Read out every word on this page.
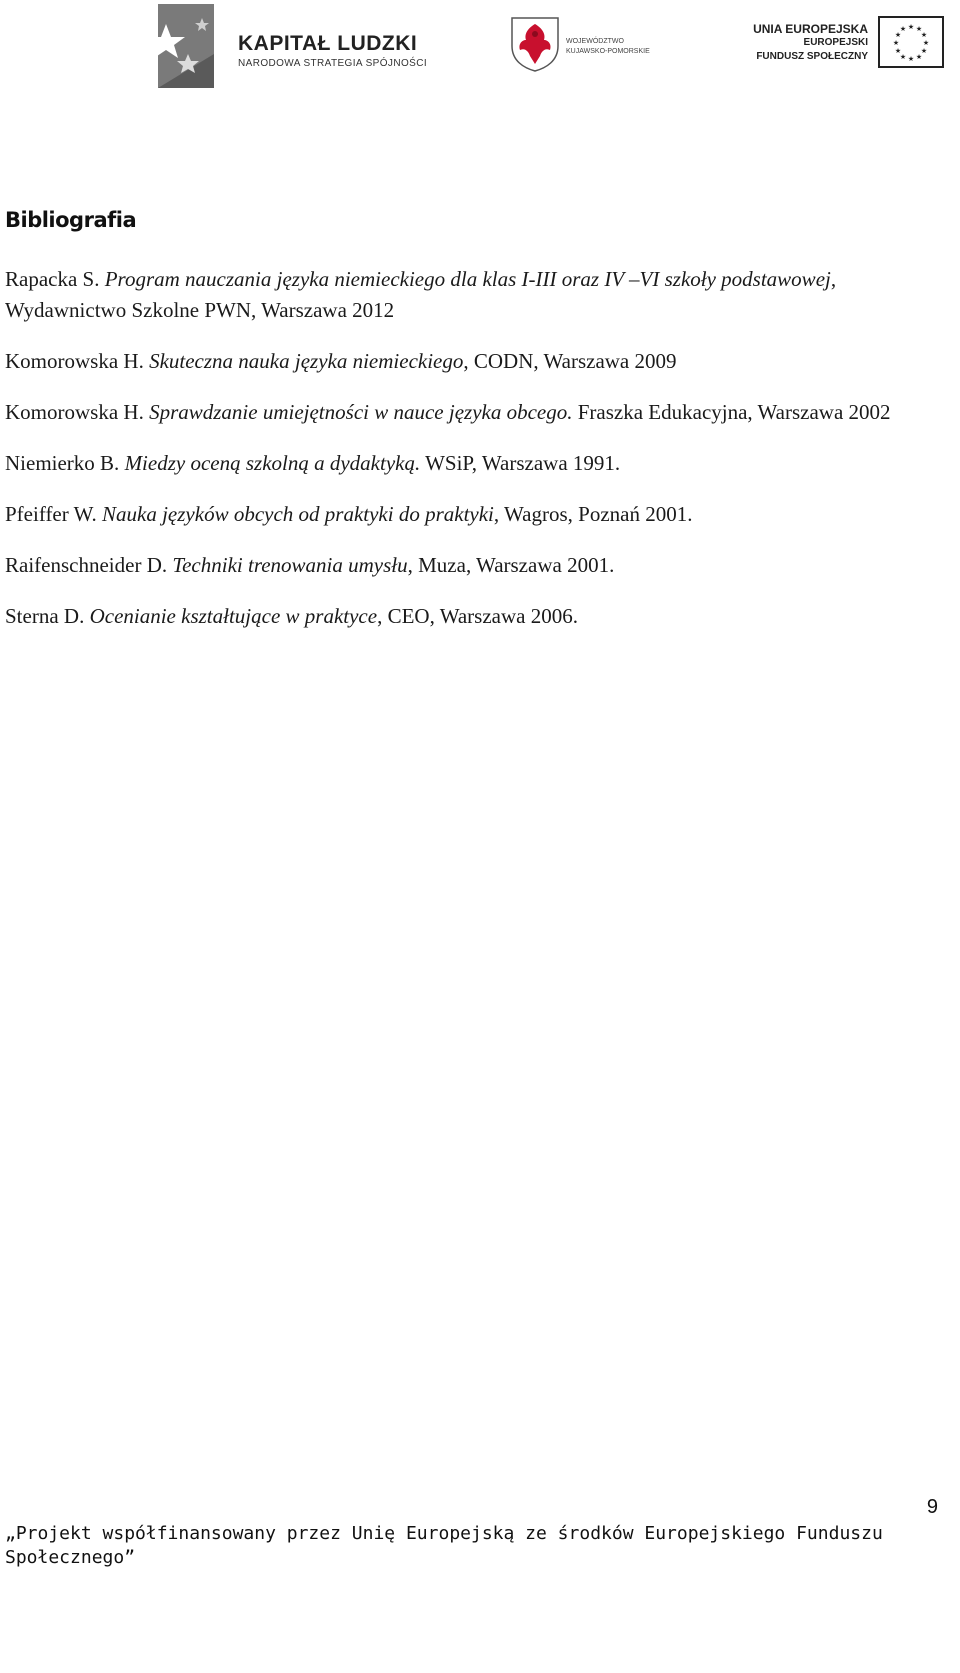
KAPITAŁ LUDZKI
NARODOWA STRATEGIA SPÓJNOŚCI
WOJEWÓDZTWO
KUJAWSKO-POMORSKIE
UNIA EUROPEJSKA
EUROPEJSKI
FUNDUSZ SPOŁECZNY
★ ★
★
★
★
★
★
★
★
★
★
★
Bibliografia
Rapacka S. Program nauczania języka niemieckiego dla klas I-III oraz IV –VI szkoły podstawowej, Wydawnictwo Szkolne PWN, Warszawa 2012
Komorowska H. Skuteczna nauka języka niemieckiego, CODN, Warszawa 2009
Komorowska H. Sprawdzanie umiejętności w nauce języka obcego. Fraszka Edukacyjna, Warszawa 2002
Niemierko B. Miedzy oceną szkolną a dydaktyką. WSiP, Warszawa 1991.
Pfeiffer W. Nauka języków obcych od praktyki do praktyki, Wagros, Poznań 2001.
Raifenschneider D. Techniki trenowania umysłu, Muza, Warszawa 2001.
Sterna D. Ocenianie kształtujące w praktyce, CEO, Warszawa 2006.
9
„Projekt współfinansowany przez Unię Europejską ze środków Europejskiego Funduszu Społecznego”
